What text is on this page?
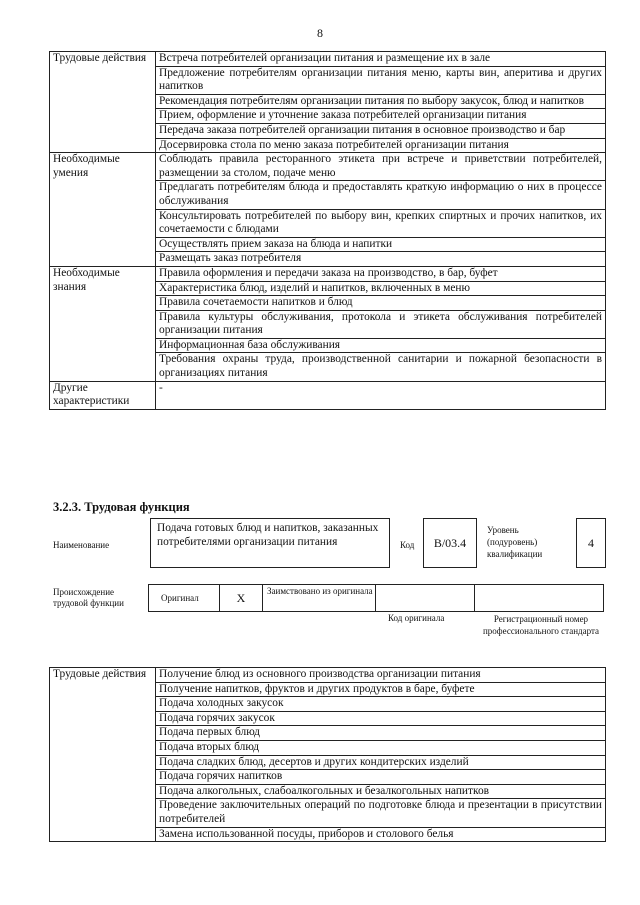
8
Трудовые действия	Встреча потребителей организации питания и размещение их в зале
	Предложение потребителям организации питания меню, карты вин, аперитива и других напитков
	Рекомендация потребителям организации питания по выбору закусок, блюд и напитков
	Прием, оформление и уточнение заказа потребителей организации питания
	Передача заказа потребителей организации питания в основное производство и бар
	Досервировка стола по меню заказа потребителей организации питания
Необходимые умения	Соблюдать правила ресторанного этикета при встрече и приветствии потребителей, размещении за столом, подаче меню
	Предлагать потребителям блюда и предоставлять краткую информацию о них в процессе обслуживания
	Консультировать потребителей по выбору вин, крепких спиртных и прочих напитков, их сочетаемости с блюдами
	Осуществлять прием заказа на блюда и напитки
	Размещать заказ потребителя
Необходимые знания	Правила оформления и передачи заказа на производство, в бар, буфет
	Характеристика блюд, изделий и напитков, включенных в меню
	Правила сочетаемости напитков и блюд
	Правила культуры обслуживания, протокола и этикета обслуживания потребителей организации питания
	Информационная база обслуживания
	Требования охраны труда, производственной санитарии и пожарной безопасности в организациях питания
Другие характеристики	-
3.2.3. Трудовая функция
Наименование
Подача готовых блюд и напитков, заказанных потребителями организации питания	Код	В/03.4
Уровень (подуровень) квалификации
4
Происхождение трудовой функции	Оригинал	X	Заимствовано из оригинала
Код оригинала	Регистрационный номер профессионального стандарта
Трудовые действия	Получение блюд из основного производства организации питания
Получение напитков, фруктов и других продуктов в баре, буфете
Подача холодных закусок
Подача горячих закусок
Подача первых блюд
Подача вторых блюд
Подача сладких блюд, десертов и других кондитерских изделий
Подача горячих напитков
Подача алкогольных, слабоалкогольных и безалкогольных напитков
Проведение заключительных операций по подготовке блюда и презентации в присутствии потребителей
Замена использованной посуды, приборов и столового белья
